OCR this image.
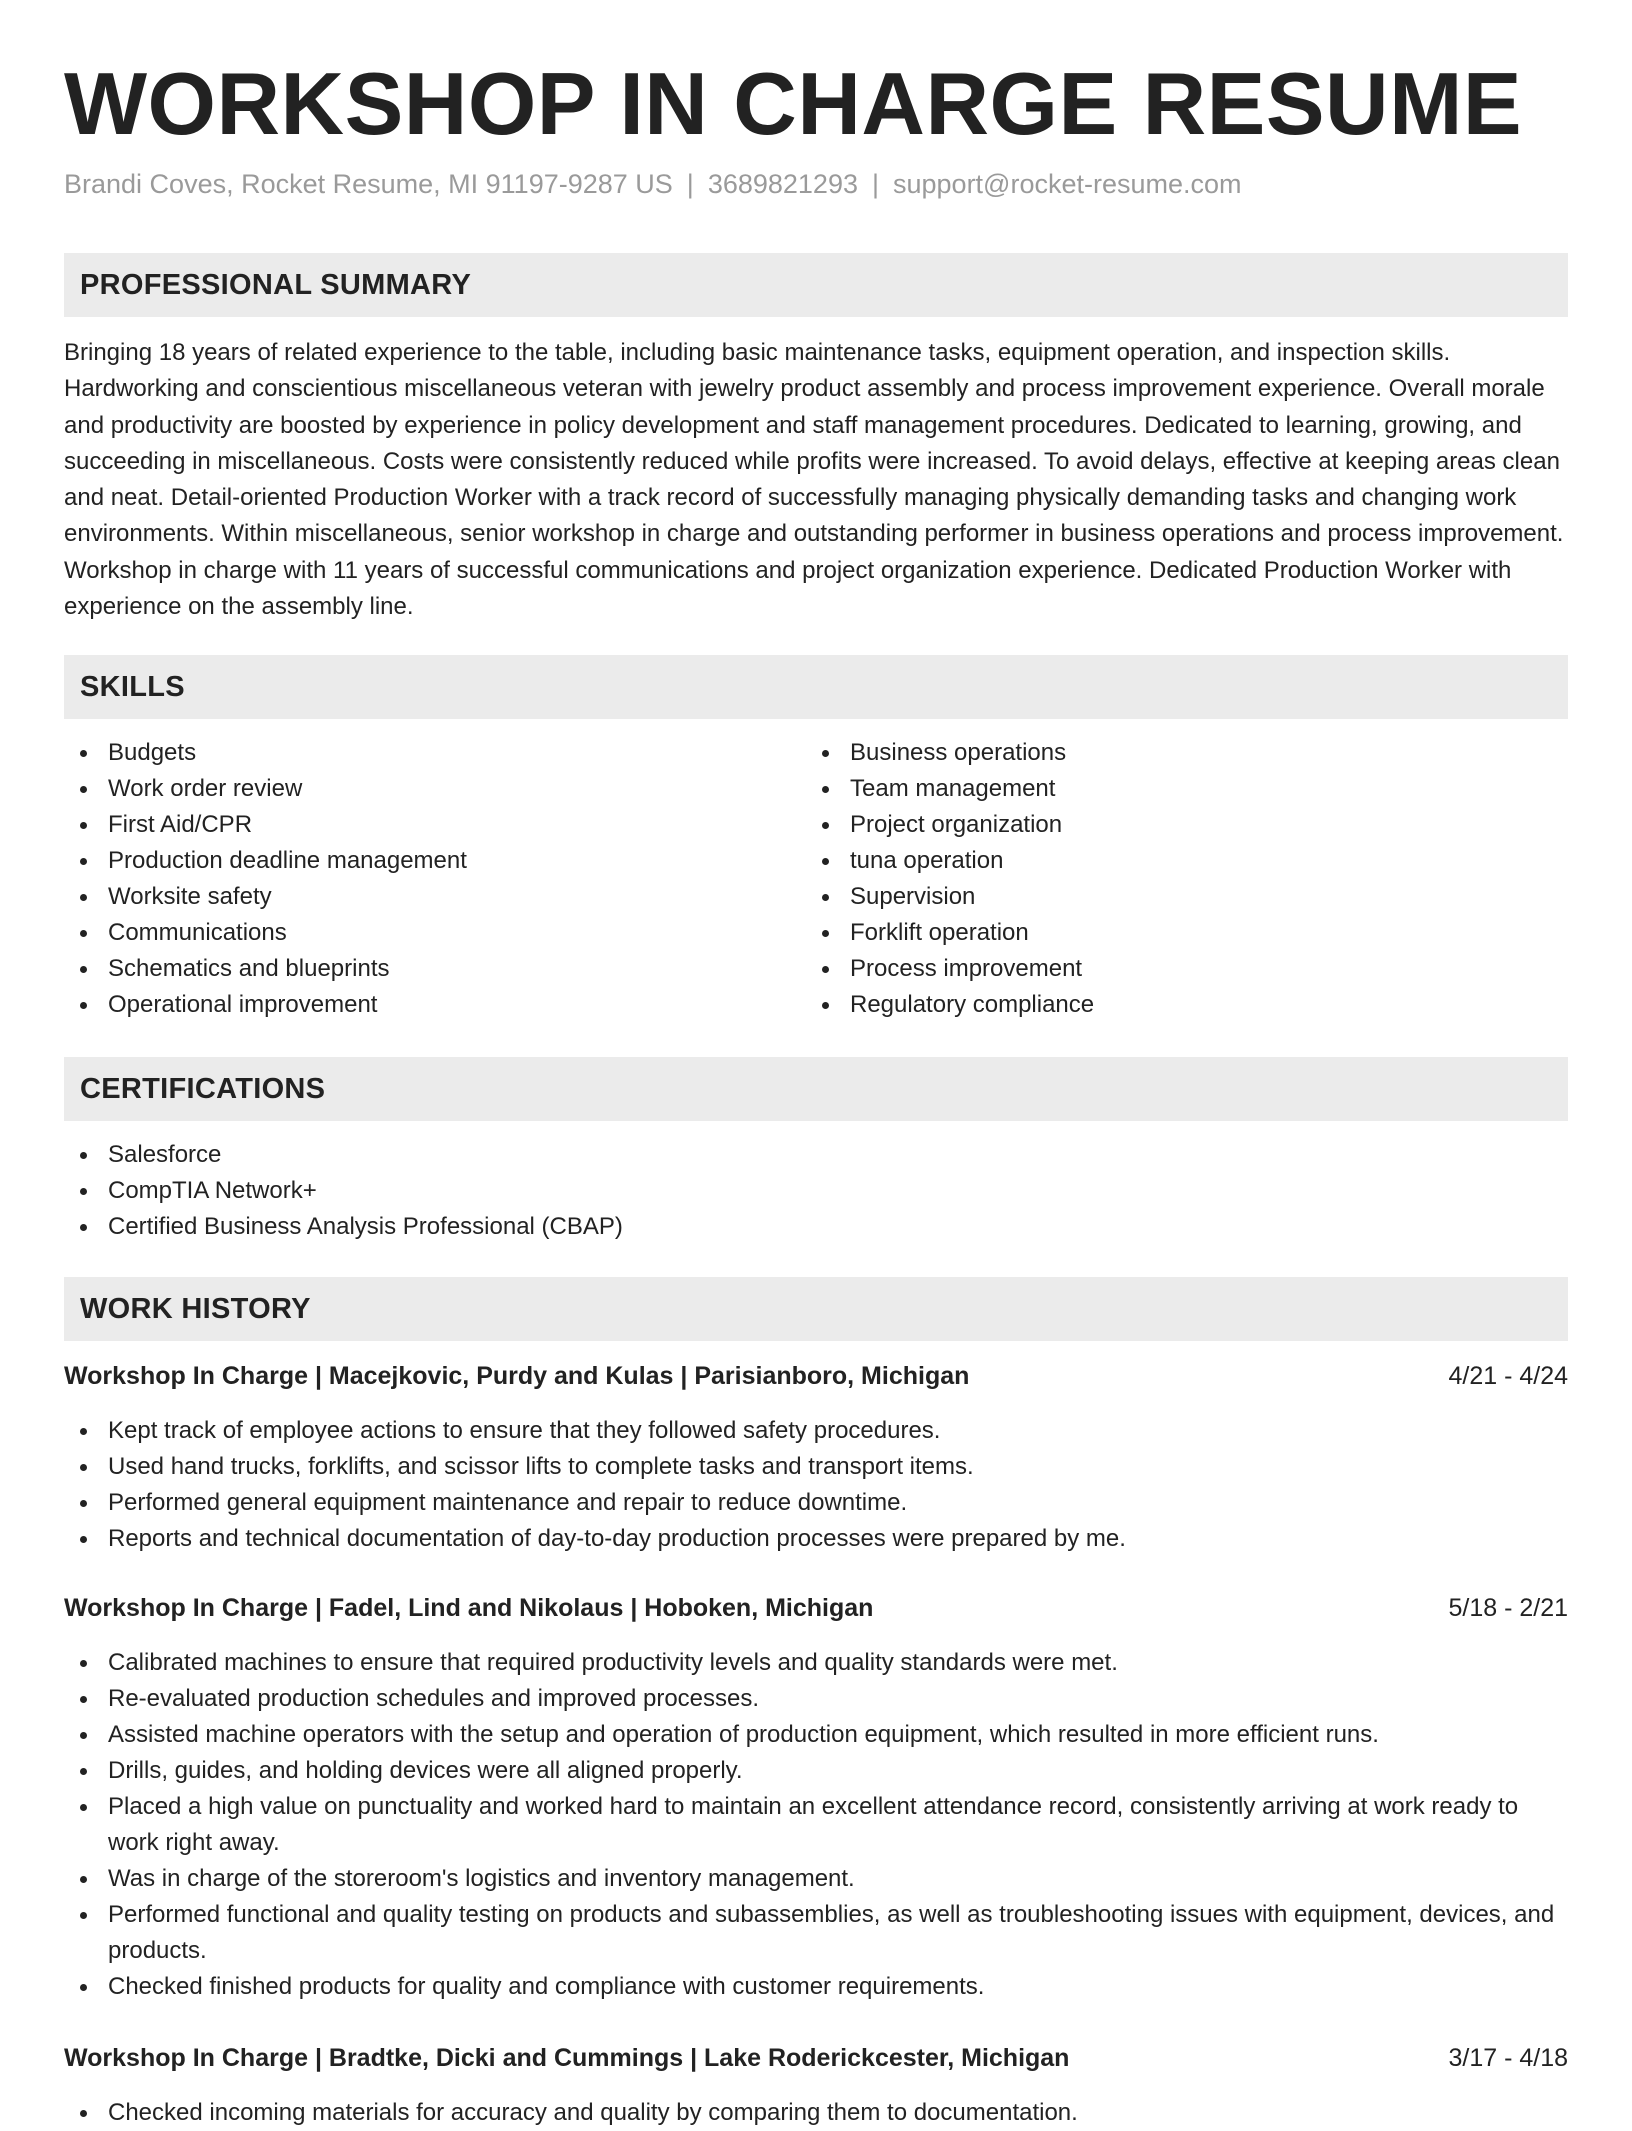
WORKSHOP IN CHARGE RESUME
Brandi Coves, Rocket Resume, MI 91197-9287 US | 3689821293 | support@rocket-resume.com
PROFESSIONAL SUMMARY

Bringing 18 years of related experience to the table, including basic maintenance tasks, equipment operation, and inspection skills. Hardworking and conscientious miscellaneous veteran with jewelry product assembly and process improvement experience. Overall morale and productivity are boosted by experience in policy development and staff management procedures. Dedicated to learning, growing, and succeeding in miscellaneous. Costs were consistently reduced while profits were increased. To avoid delays, effective at keeping areas clean and neat. Detail-oriented Production Worker with a track record of successfully managing physically demanding tasks and changing work environments. Within miscellaneous, senior workshop in charge and outstanding performer in business operations and process improvement. Workshop in charge with 11 years of successful communications and project organization experience. Dedicated Production Worker with experience on the assembly line.

SKILLS
Budgets
Work order review
First Aid/CPR
Production deadline management
Worksite safety
Communications
Schematics and blueprints
Operational improvement
Business operations
Team management
Project organization
tuna operation
Supervision
Forklift operation
Process improvement
Regulatory compliance
CERTIFICATIONS
Salesforce
CompTIA Network+
Certified Business Analysis Professional (CBAP)
WORK HISTORY
Workshop In Charge | Macejkovic, Purdy and Kulas | Parisianboro, Michigan	4/21 - 4/24
Kept track of employee actions to ensure that they followed safety procedures.
Used hand trucks, forklifts, and scissor lifts to complete tasks and transport items.
Performed general equipment maintenance and repair to reduce downtime.
Reports and technical documentation of day-to-day production processes were prepared by me.
Workshop In Charge | Fadel, Lind and Nikolaus | Hoboken, Michigan	5/18 - 2/21
Calibrated machines to ensure that required productivity levels and quality standards were met.
Re-evaluated production schedules and improved processes.
Assisted machine operators with the setup and operation of production equipment, which resulted in more efficient runs.
Drills, guides, and holding devices were all aligned properly.
Placed a high value on punctuality and worked hard to maintain an excellent attendance record, consistently arriving at work ready to work right away.
Was in charge of the storeroom's logistics and inventory management.
Performed functional and quality testing on products and subassemblies, as well as troubleshooting issues with equipment, devices, and products.
Checked finished products for quality and compliance with customer requirements.
Workshop In Charge | Bradtke, Dicki and Cummings | Lake Roderickcester, Michigan	3/17 - 4/18
Checked incoming materials for accuracy and quality by comparing them to documentation.
